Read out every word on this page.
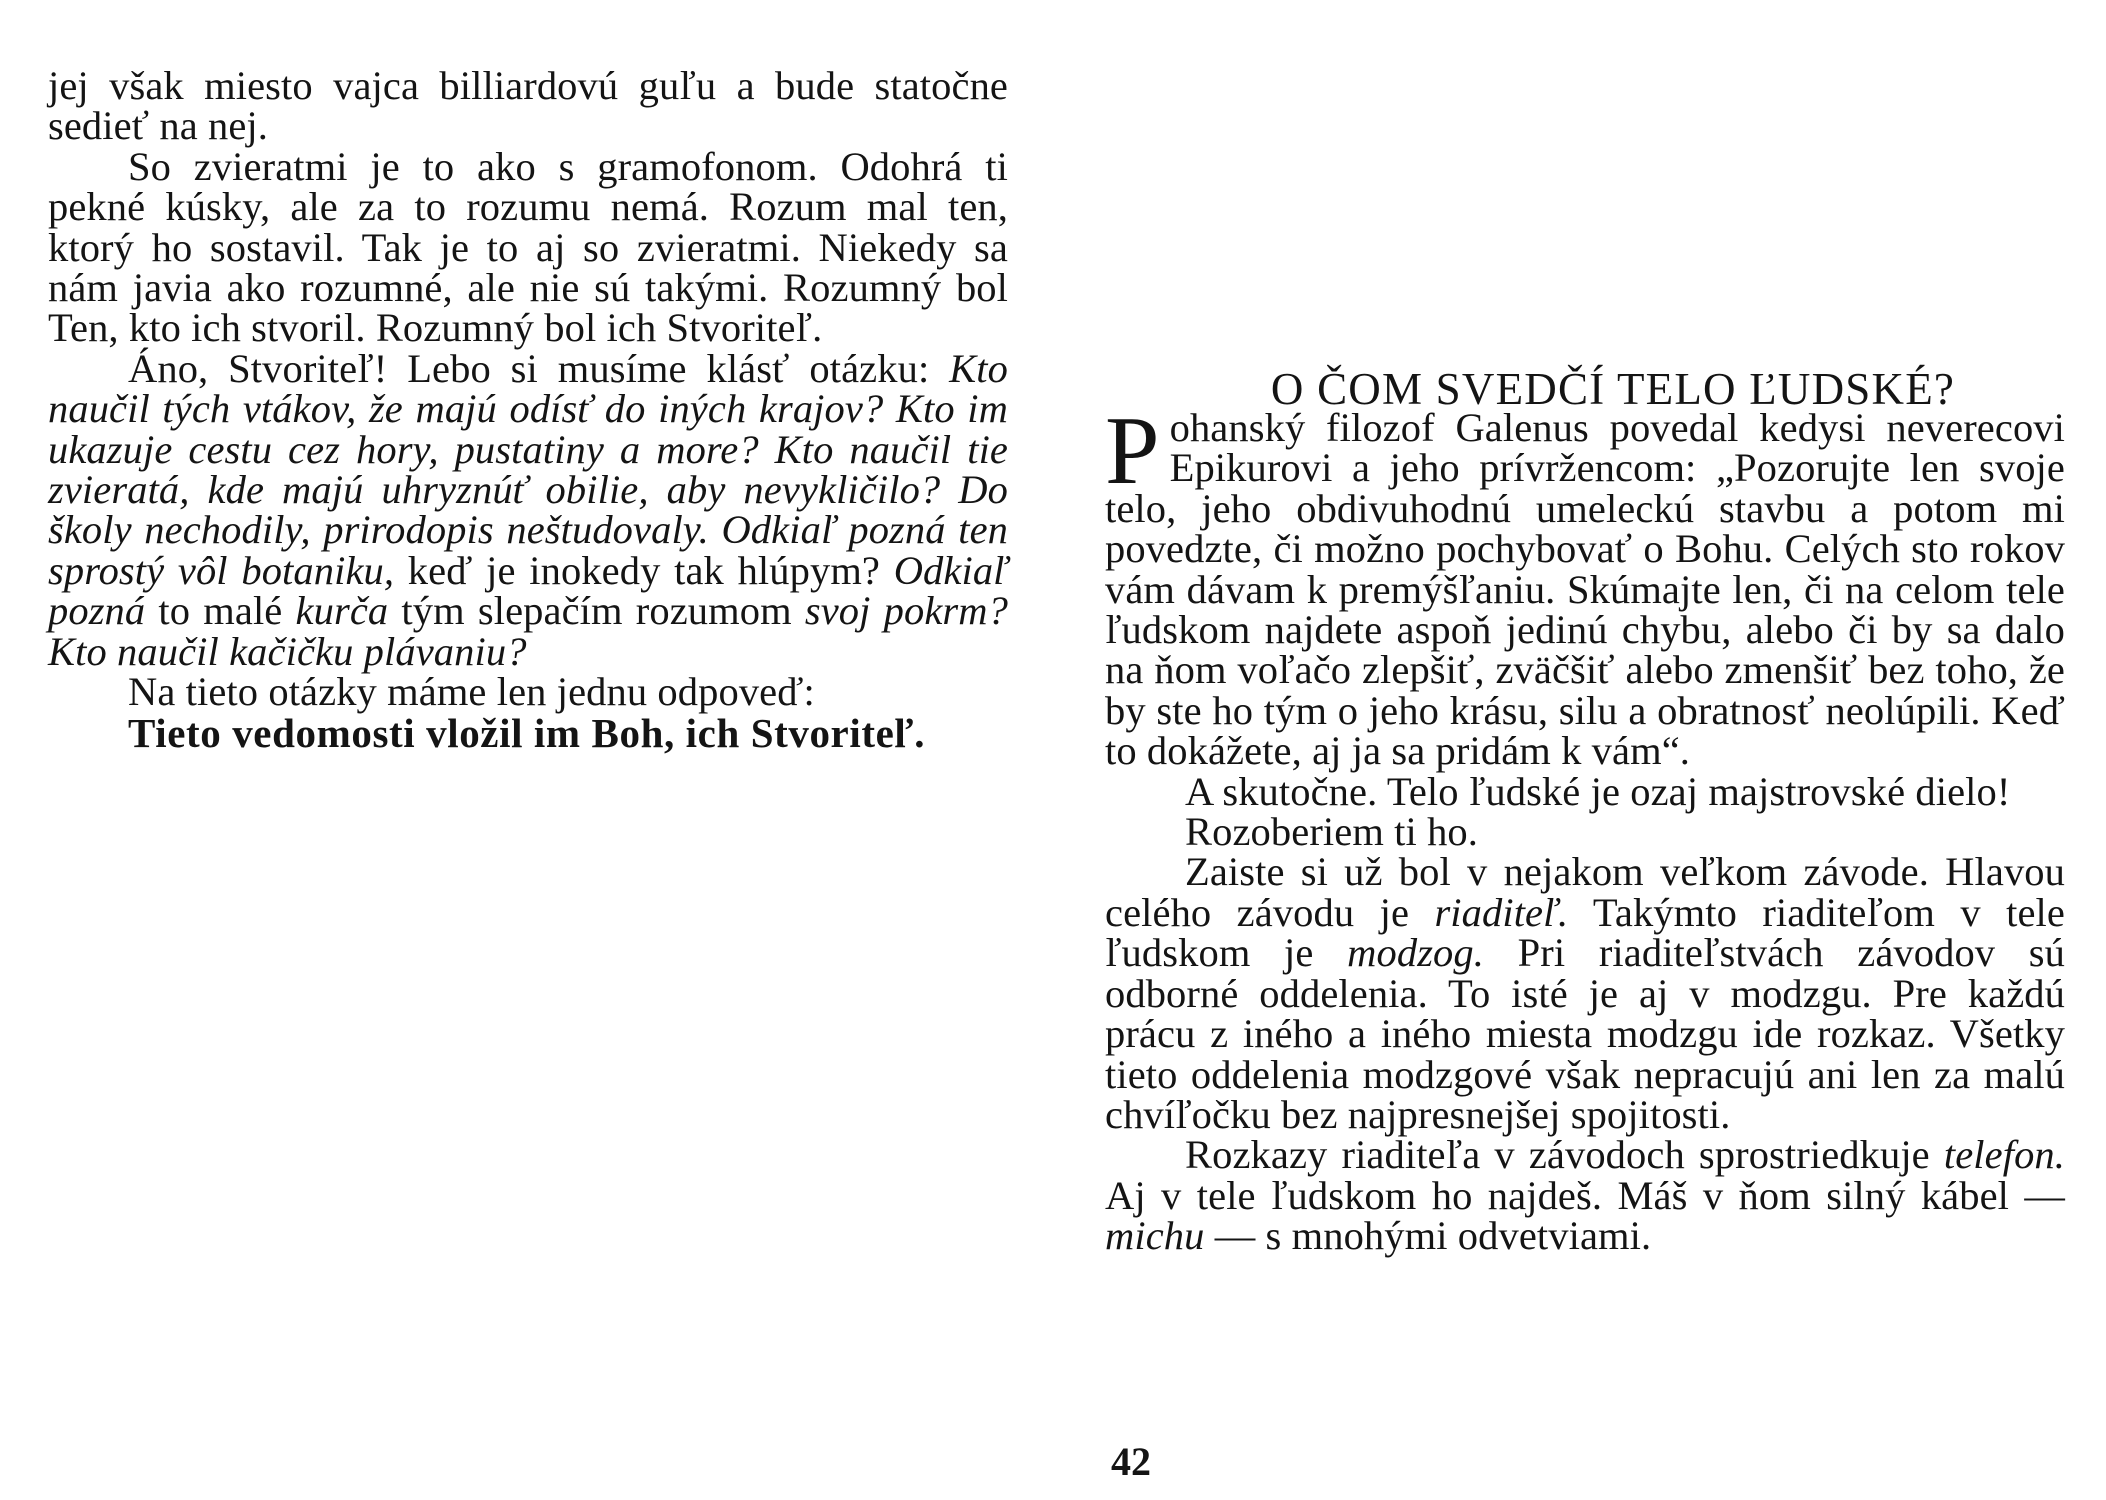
jej však miesto vajca billiardovú guľu a bude statočne sedieť na nej.

So zvieratmi je to ako s gramofonom. Odohrá ti pekné kúsky, ale za to rozumu nemá. Rozum mal ten, ktorý ho sostavil. Tak je to aj so zvieratmi. Niekedy sa nám javia ako rozumné, ale nie sú takými. Rozumný bol Ten, kto ich stvoril. Rozumný bol ich Stvoriteľ.

Áno, Stvoriteľ! Lebo si musíme klásť otázku: Kto naučil tých vtákov, že majú odísť do iných krajov? Kto im ukazuje cestu cez hory, pustatiny a more? Kto naučil tie zvieratá, kde majú uhryznúť obilie, aby nevykličilo? Do školy nechodily, prirodopis neštudovaly. Odkiaľ pozná ten sprostý vôl botaniku, keď je inokedy tak hlúpym? Odkiaľ pozná to malé kurča tým slepačím rozumom svoj pokrm? Kto naučil kačičku plávaniu?

Na tieto otázky máme len jednu odpoveď:

Tieto vedomosti vložil im Boh, ich Stvoriteľ.

O ČOM SVEDČÍ TELO ĽUDSKÉ?

Pohanský filozof Galenus povedal kedysi neverecovi Epikurovi a jeho prívržencom: „Pozorujte len svoje telo, jeho obdivuhodnú umeleckú stavbu a potom mi povedzte, či možno pochybovať o Bohu. Celých sto rokov vám dávam k premýšľaniu. Skúmajte len, či na celom tele ľudskom najdete aspoň jedinú chybu, alebo či by sa dalo na ňom voľačo zlepšiť, zväčšiť alebo zmenšiť bez toho, že by ste ho tým o jeho krásu, silu a obratnosť neolúpili. Keď to dokážete, aj ja sa pridám k vám“.

A skutočne. Telo ľudské je ozaj majstrovské dielo!

Rozoberiem ti ho.

Zaiste si už bol v nejakom veľkom závode. Hlavou celého závodu je riaditeľ. Takýmto riaditeľom v tele ľudskom je modzog. Pri riaditeľstvách závodov sú odborné oddelenia. To isté je aj v modzgu. Pre každú prácu z iného a iného miesta modzgu ide rozkaz. Všetky tieto oddelenia modzgové však nepracujú ani len za malú chvíľočku bez najpresnejšej spojitosti.

Rozkazy riaditeľa v závodoch sprostriedkuje telefon. Aj v tele ľudskom ho najdeš. Máš v ňom silný kábel — michu — s mnohými odvetviami.

42
